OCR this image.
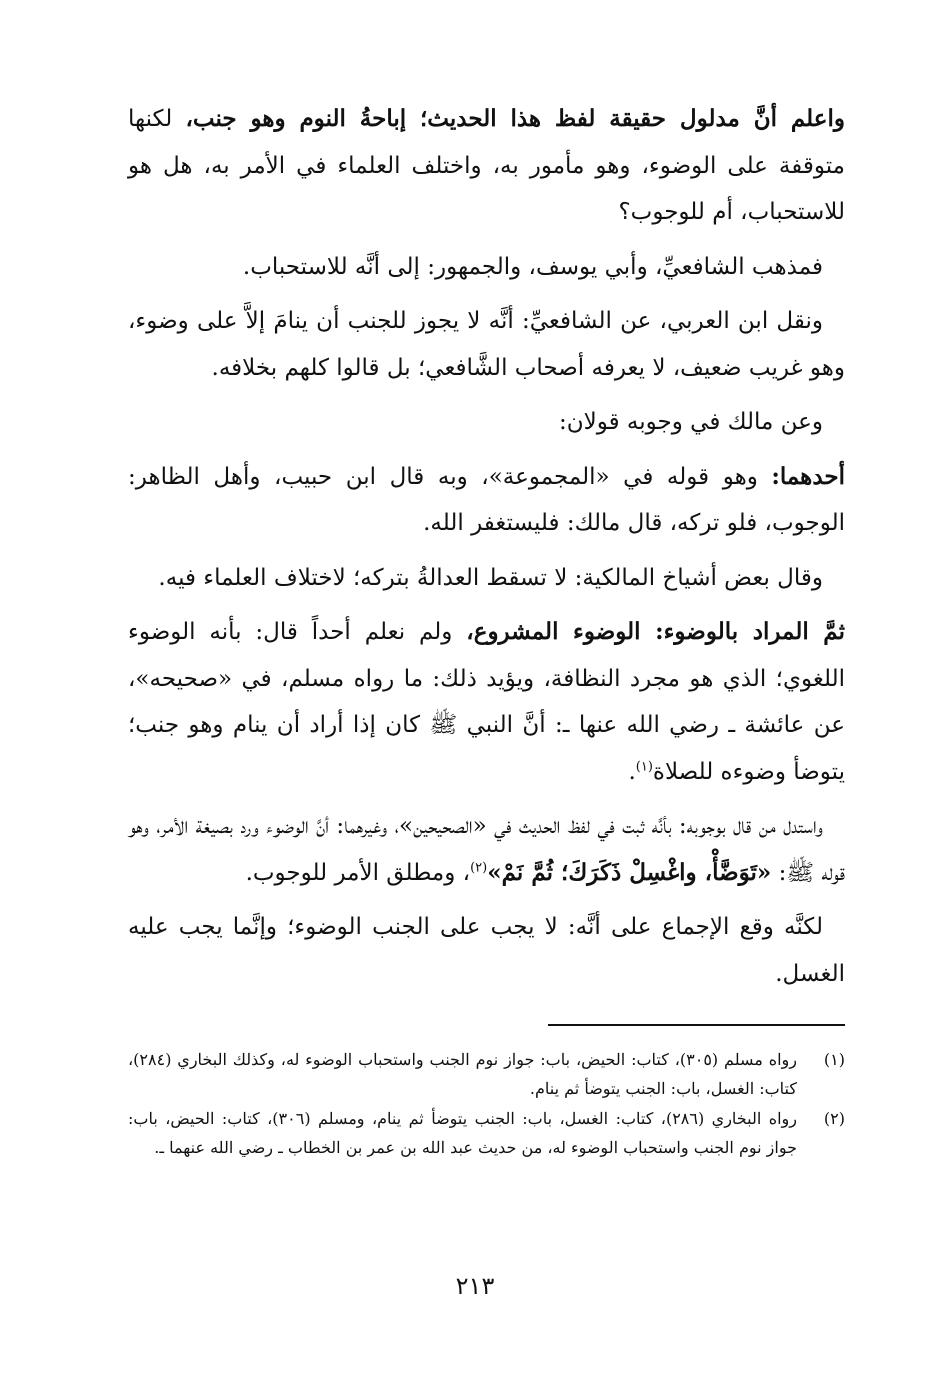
واعلم أنَّ مدلول حقيقة لفظ هذا الحديث؛ إباحةُ النوم وهو جنب، لكنها متوقفة على الوضوء، وهو مأمور به، واختلف العلماء في الأمر به، هل هو للاستحباب، أم للوجوب؟

فمذهب الشافعيِّ، وأبي يوسف، والجمهور: إلى أنَّه للاستحباب.

ونقل ابن العربي، عن الشافعيِّ: أنَّه لا يجوز للجنب أن ينامَ إلاَّ على وضوء، وهو غريب ضعيف، لا يعرفه أصحاب الشَّافعي؛ بل قالوا كلهم بخلافه.

وعن مالك في وجوبه قولان:

أحدهما: وهو قوله في «المجموعة»، وبه قال ابن حبيب، وأهل الظاهر: الوجوب، فلو تركه، قال مالك: فليستغفر الله.

وقال بعض أشياخ المالكية: لا تسقط العدالةُ بتركه؛ لاختلاف العلماء فيه.

ثمَّ المراد بالوضوء: الوضوء المشروع، ولم نعلم أحداً قال: بأنه الوضوء اللغوي؛ الذي هو مجرد النظافة، ويؤيد ذلك: ما رواه مسلم، في «صحيحه»، عن عائشة ـ رضي الله عنها ـ: أنَّ النبي ﷺ كان إذا أراد أن ينام وهو جنب؛ يتوضأ وضوءه للصلاة$^{(١)}$.

واستدل من قال بوجوبه: بأنَّه ثبت في لفظ الحديث في «الصحيحين»، وغيرهما: أنَّ الوضوء ورد بصيغة الأمر، وهو قوله ﷺ: «تَوَضَّأْ، واغْسِلْ ذَكَرَكَ؛ ثُمَّ نَمْ»$^{(٢)}$، ومطلق الأمر للوجوب.

لكنَّه وقع الإجماع على أنَّه: لا يجب على الجنب الوضوء؛ وإنَّما يجب عليه الغسل.

(١)
رواه مسلم (٣٠٥)، كتاب: الحيض، باب: جواز نوم الجنب واستحباب الوضوء له، وكذلك البخاري (٢٨٤)، كتاب: الغسل، باب: الجنب يتوضأ ثم ينام.
(٢)
رواه البخاري (٢٨٦)، كتاب: الغسل، باب: الجنب يتوضأ ثم ينام، ومسلم (٣٠٦)، كتاب: الحيض، باب: جواز نوم الجنب واستحباب الوضوء له، من حديث عبد الله بن عمر بن الخطاب ـ رضي الله عنهما ـ.
٢١٣
